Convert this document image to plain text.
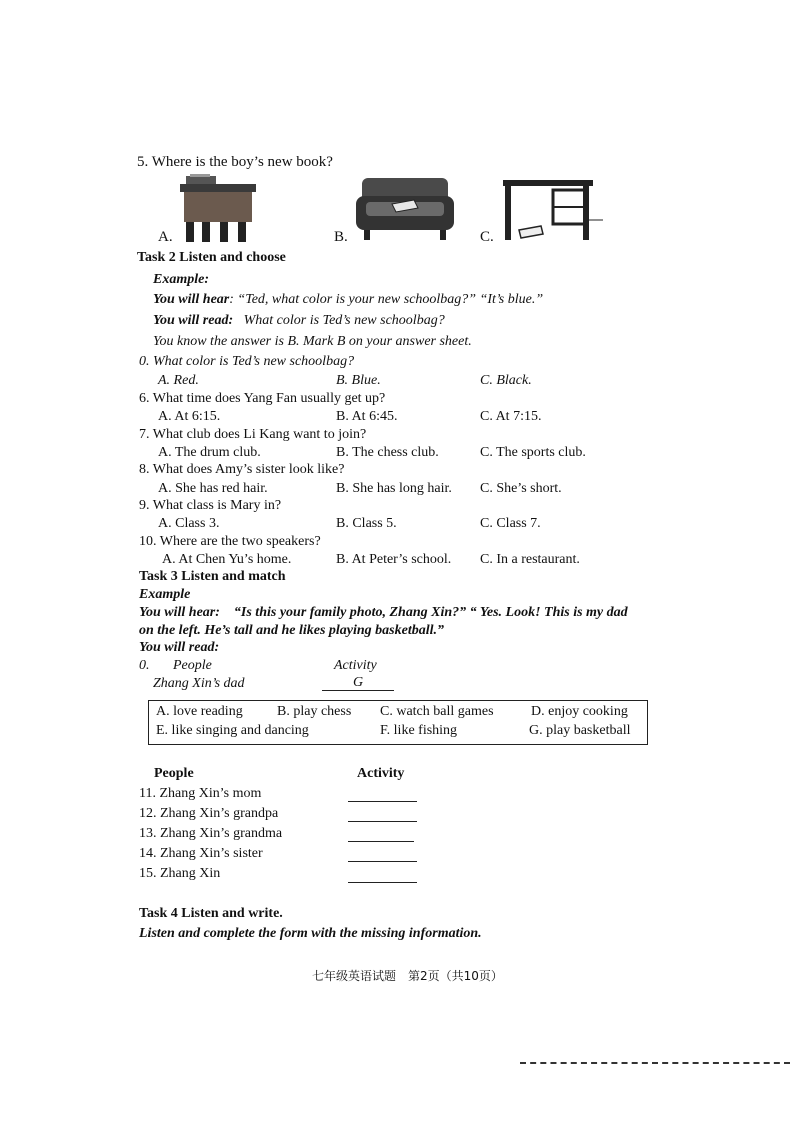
5. Where is the boy’s new book?
A.	B.	C.
Task 2 Listen and choose
Example:
You will hear: “Ted, what color is your new schoolbag?” “It’s blue.”
You will read: What color is Ted’s new schoolbag?
You know the answer is B. Mark B on your answer sheet.
0. What color is Ted’s new schoolbag?
A. Red.	B. Blue.	C. Black.
6. What time does Yang Fan usually get up?
A. At 6:15.	B. At 6:45.	C. At 7:15.
7. What club does Li Kang want to join?
A. The drum club.	B. The chess club.	C. The sports club.
8. What does Amy’s sister look like?
A. She has red hair.	B. She has long hair. C. She’s short.
9. What class is Mary in?
A. Class 3.	B. Class 5.	C. Class 7.
10. Where are the two speakers?
A. At Chen Yu’s home.	B. At Peter’s school. C. In a restaurant.
Task 3 Listen and match
Example
You will hear: “Is this your family photo, Zhang Xin?” “ Yes. Look! This is my dad
on the left. He’s tall and he likes playing basketball.”
You will read:
0. People	Activity
Zhang Xin’s dad	G
A. love reading B. play chess C. watch ball games	D. enjoy cooking
E. like singing and dancing	F. like fishing	G. play basketball
People	Activity
11. Zhang Xin’s mom
12. Zhang Xin’s grandpa
13. Zhang Xin’s grandma
14. Zhang Xin’s sister
15. Zhang Xin
Task 4 Listen and write.
Listen and complete the form with the missing information.
七年级英语试题　第2页（共10页）
